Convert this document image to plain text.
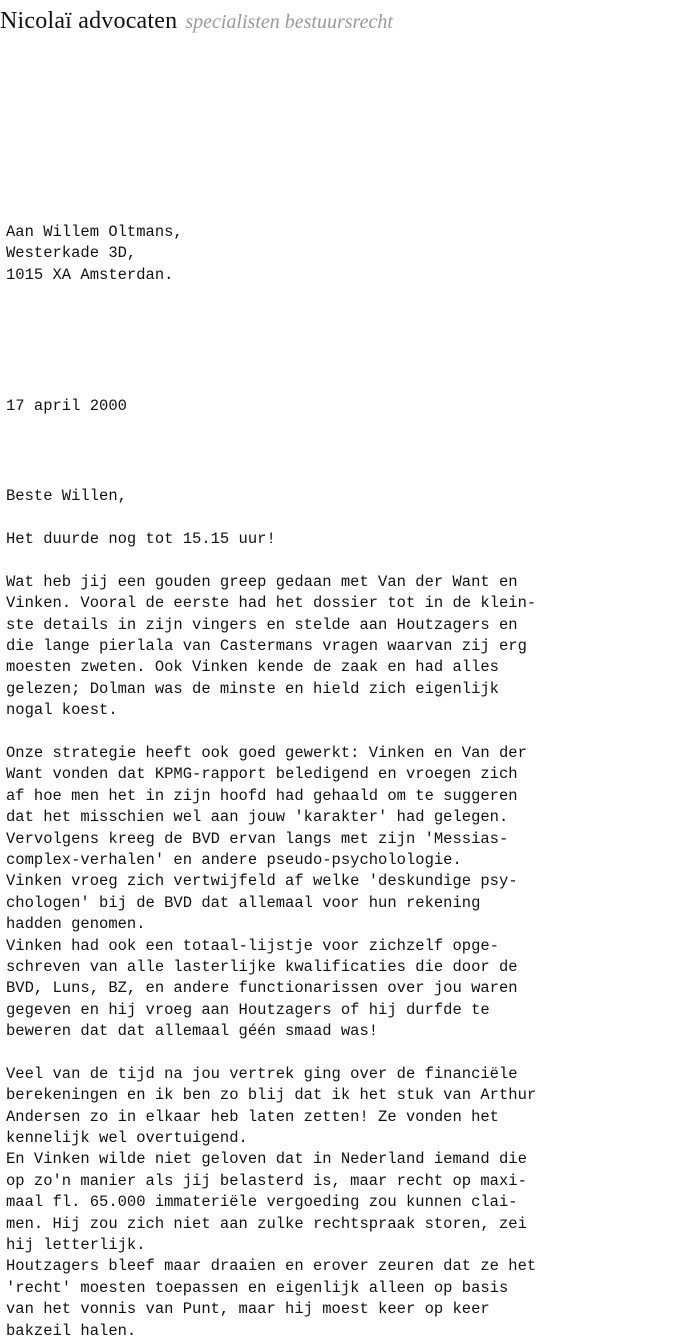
Nicolaï advocaten specialisten bestuursrecht
Aan Willem Oltmans,
Westerkade 3D,
1015 XA Amsterdan.
17 april 2000
Beste Willen,
Het duurde nog tot 15.15 uur!
Wat heb jij een gouden greep gedaan met Van der Want en
Vinken. Vooral de eerste had het dossier tot in de klein-
ste details in zijn vingers en stelde aan Houtzagers en
die lange pierlala van Castermans vragen waarvan zij erg
moesten zweten. Ook Vinken kende de zaak en had alles
gelezen; Dolman was de minste en hield zich eigenlijk
nogal koest.
Onze strategie heeft ook goed gewerkt: Vinken en Van der
Want vonden dat KPMG-rapport beledigend en vroegen zich
af hoe men het in zijn hoofd had gehaald om te suggeren
dat het misschien wel aan jouw 'karakter' had gelegen.
Vervolgens kreeg de BVD ervan langs met zijn 'Messias-
complex-verhalen' en andere pseudo-psycholologie.
Vinken vroeg zich vertwijfeld af welke 'deskundige psy-
chologen' bij de BVD dat allemaal voor hun rekening
hadden genomen.
Vinken had ook een totaal-lijstje voor zichzelf opge-
schreven van alle lasterlijke kwalificaties die door de
BVD, Luns, BZ, en andere functionarissen over jou waren
gegeven en hij vroeg aan Houtzagers of hij durfde te
beweren dat dat allemaal géén smaad was!
Veel van de tijd na jou vertrek ging over de financiële
berekeningen en ik ben zo blij dat ik het stuk van Arthur
Andersen zo in elkaar heb laten zetten! Ze vonden het
kennelijk wel overtuigend.
En Vinken wilde niet geloven dat in Nederland iemand die
op zo'n manier als jij belasterd is, maar recht op maxi-
maal fl. 65.000 immateriële vergoeding zou kunnen clai-
men. Hij zou zich niet aan zulke rechtspraak storen, zei
hij letterlijk.
Houtzagers bleef maar draaien en erover zeuren dat ze het
'recht' moesten toepassen en eigenlijk alleen op basis
van het vonnis van Punt, maar hij moest keer op keer
bakzeil halen.
